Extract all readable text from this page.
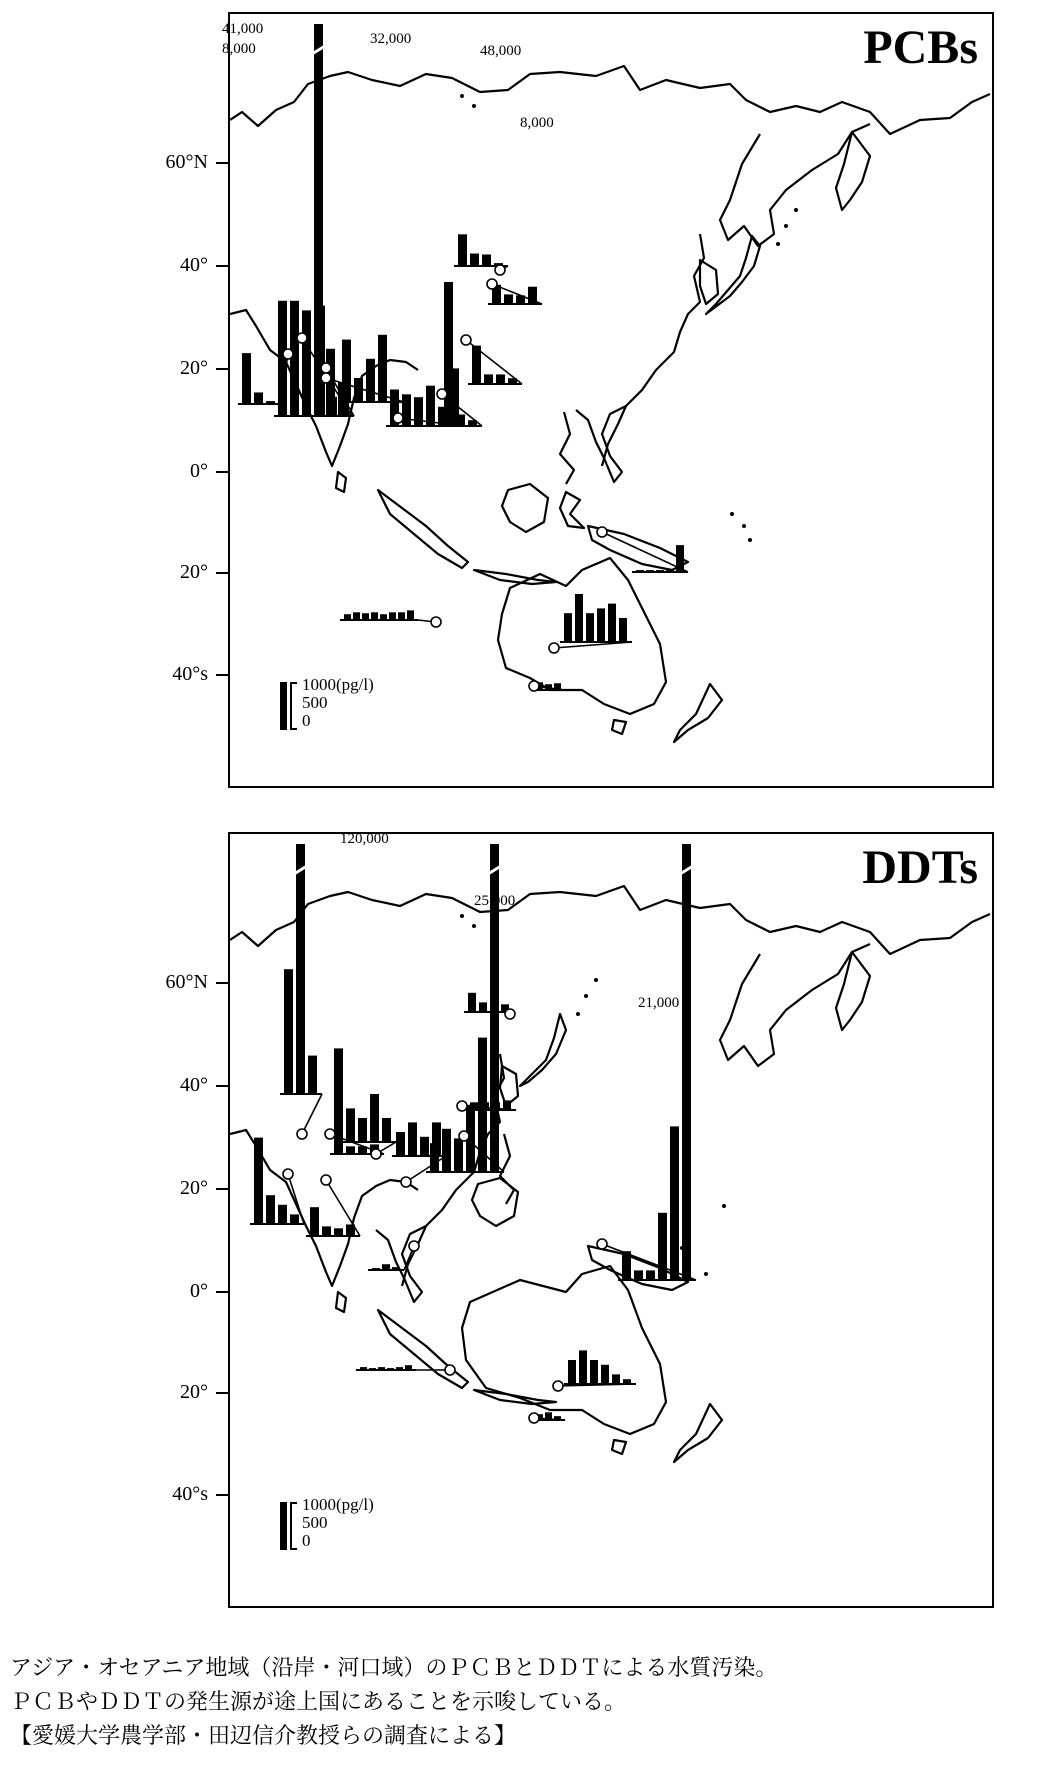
PCBs
41,000
8,000
32,000
48,000
8,000
1000(pg/l)
500
0
DDTs
120,000
25,000
21,000
1000(pg/l)
500
0
60°N
40°
20°
0°
20°
40°s
60°N
40°
20°
0°
20°
40°s
アジア・オセアニア地域（沿岸・河口域）のＰＣＢとＤＤＴによる水質汚染。
ＰＣＢやＤＤＴの発生源が途上国にあることを示唆している。
【愛媛大学農学部・田辺信介教授らの調査による】
